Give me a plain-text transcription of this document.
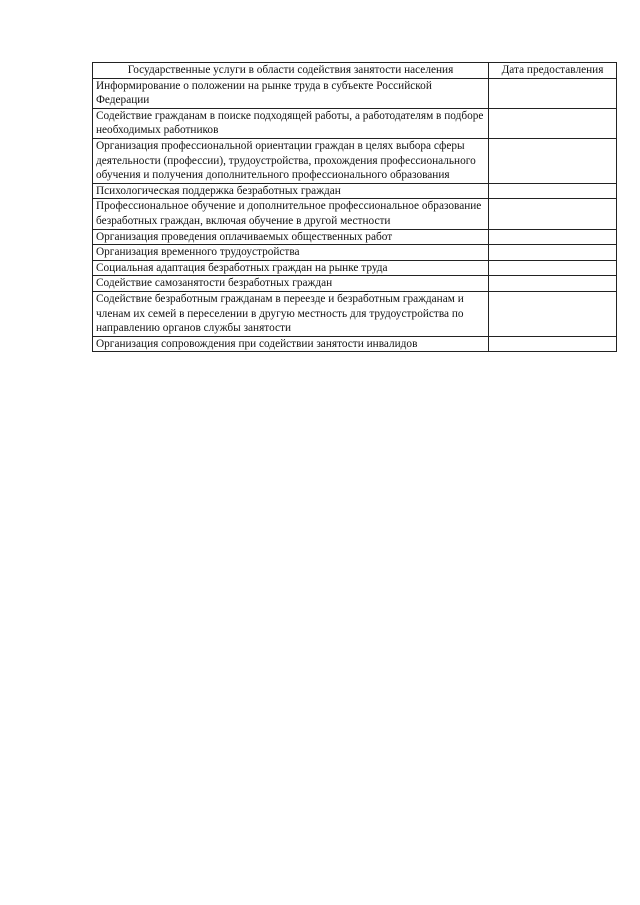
Государственные услуги в области содействия занятости населения	Дата предоставления
Информирование о положении на рынке труда в субъекте Российской Федерации	
Содействие гражданам в поиске подходящей работы, а работодателям в подборе необходимых работников	
Организация профессиональной ориентации граждан в целях выбора сферы деятельности (профессии), трудоустройства, прохождения профессионального обучения и получения дополнительного профессионального образования	
Психологическая поддержка безработных граждан	
Профессиональное обучение и дополнительное профессиональное образование безработных граждан, включая обучение в другой местности	
Организация проведения оплачиваемых общественных работ	
Организация временного трудоустройства	
Социальная адаптация безработных граждан на рынке труда	
Содействие самозанятости безработных граждан	
Содействие безработным гражданам в переезде и безработным гражданам и членам их семей в переселении в другую местность для трудоустройства по направлению органов службы занятости	
Организация сопровождения при содействии занятости инвалидов	
